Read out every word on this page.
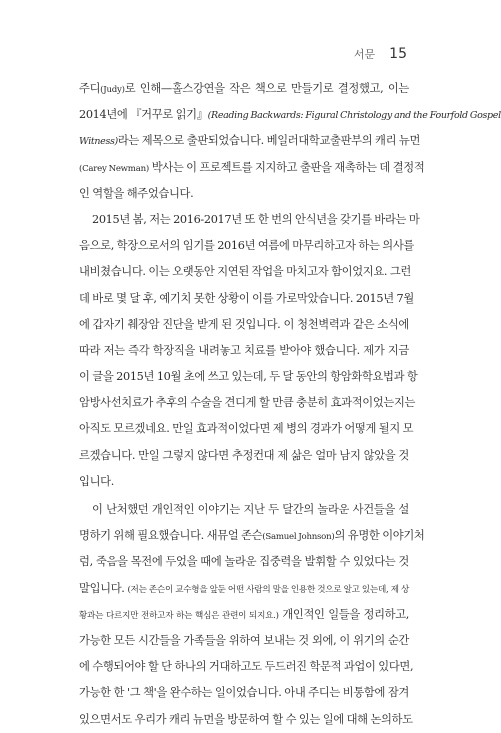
서문 15
주디(Judy)로 인해—홀스강연을 작은 책으로 만들기로 결정했고, 이는
2014년에 『거꾸로 읽기』(Reading Backwards: Figural Christology and the Fourfold Gospel
Witness)라는 제목으로 출판되었습니다. 베일러대학교출판부의 캐리 뉴먼
(Carey Newman) 박사는 이 프로젝트를 지지하고 출판을 재촉하는 데 결정적
인 역할을 해주었습니다.
2015년 봄, 저는 2016-2017년 또 한 번의 안식년을 갖기를 바라는 마
음으로, 학장으로서의 임기를 2016년 여름에 마무리하고자 하는 의사를
내비쳤습니다. 이는 오랫동안 지연된 작업을 마치고자 함이었지요. 그런
데 바로 몇 달 후, 예기치 못한 상황이 이를 가로막았습니다. 2015년 7월
에 갑자기 췌장암 진단을 받게 된 것입니다. 이 청천벽력과 같은 소식에
따라 저는 즉각 학장직을 내려놓고 치료를 받아야 했습니다. 제가 지금
이 글을 2015년 10월 초에 쓰고 있는데, 두 달 동안의 항암화학요법과 항
암방사선치료가 추후의 수술을 견디게 할 만큼 충분히 효과적이었는지는
아직도 모르겠네요. 만일 효과적이었다면 제 병의 경과가 어떻게 될지 모
르겠습니다. 만일 그렇지 않다면 추정컨대 제 삶은 얼마 남지 않았을 것
입니다.
이 난처했던 개인적인 이야기는 지난 두 달간의 놀라운 사건들을 설
명하기 위해 필요했습니다. 새뮤얼 존슨(Samuel Johnson)의 유명한 이야기처
럼, 죽음을 목전에 두었을 때에 놀라운 집중력을 발휘할 수 있었다는 것
말입니다. (저는 존슨이 교수형을 앞둔 어떤 사람의 말을 인용한 것으로 알고 있는데, 제 상
황과는 다르지만 전하고자 하는 핵심은 관련이 되지요.) 개인적인 일들을 정리하고,
가능한 모든 시간들을 가족들을 위하여 보내는 것 외에, 이 위기의 순간
에 수행되어야 할 단 하나의 거대하고도 두드러진 학문적 과업이 있다면,
가능한 한 '그 책'을 완수하는 일이었습니다. 아내 주디는 비통함에 잠겨
있으면서도 우리가 캐리 뉴먼을 방문하여 할 수 있는 일에 대해 논의하도
